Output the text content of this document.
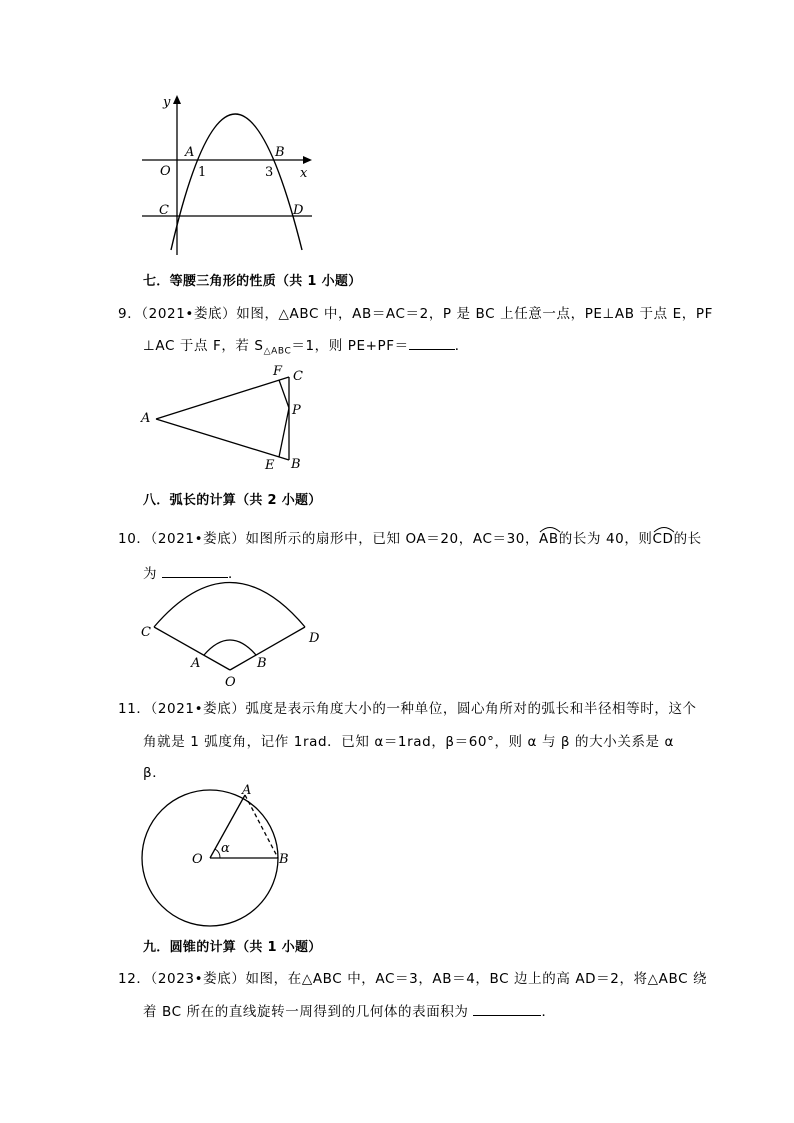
y
x
O
A	B
1	3
C	D
七．等腰三角形的性质（共 1 小题）
9．（2021•娄底）如图，△ABC 中，AB＝AC＝2，P 是 BC 上任意一点，PE⊥AB 于点 E，PF
⊥AC 于点 F，若 $S_{\triangle ABC}=1$，则 PE+PF＝	．
A
F C
P
E B
八．弧长的计算（共 2 小题）
10．（2021•娄底）如图所示的扇形中，已知 OA＝20，AC＝30，AB
的长为 40，则CD
的长
为	．
C	D
A	B
O
11．（2021•娄底）弧度是表示角度大小的一种单位，圆心角所对的弧长和半径相等时，这个
角就是 1 弧度角，记作 1rad．已知 α＝1rad，β＝60°，则 α 与 β 的大小关系是 α
β．
O
α
A
B
九．圆锥的计算（共 1 小题）
12．（2023•娄底）如图，在△ABC 中，AC＝3，AB＝4，BC 边上的高 AD＝2，将△ABC 绕
着 BC 所在的直线旋转一周得到的几何体的表面积为	．
